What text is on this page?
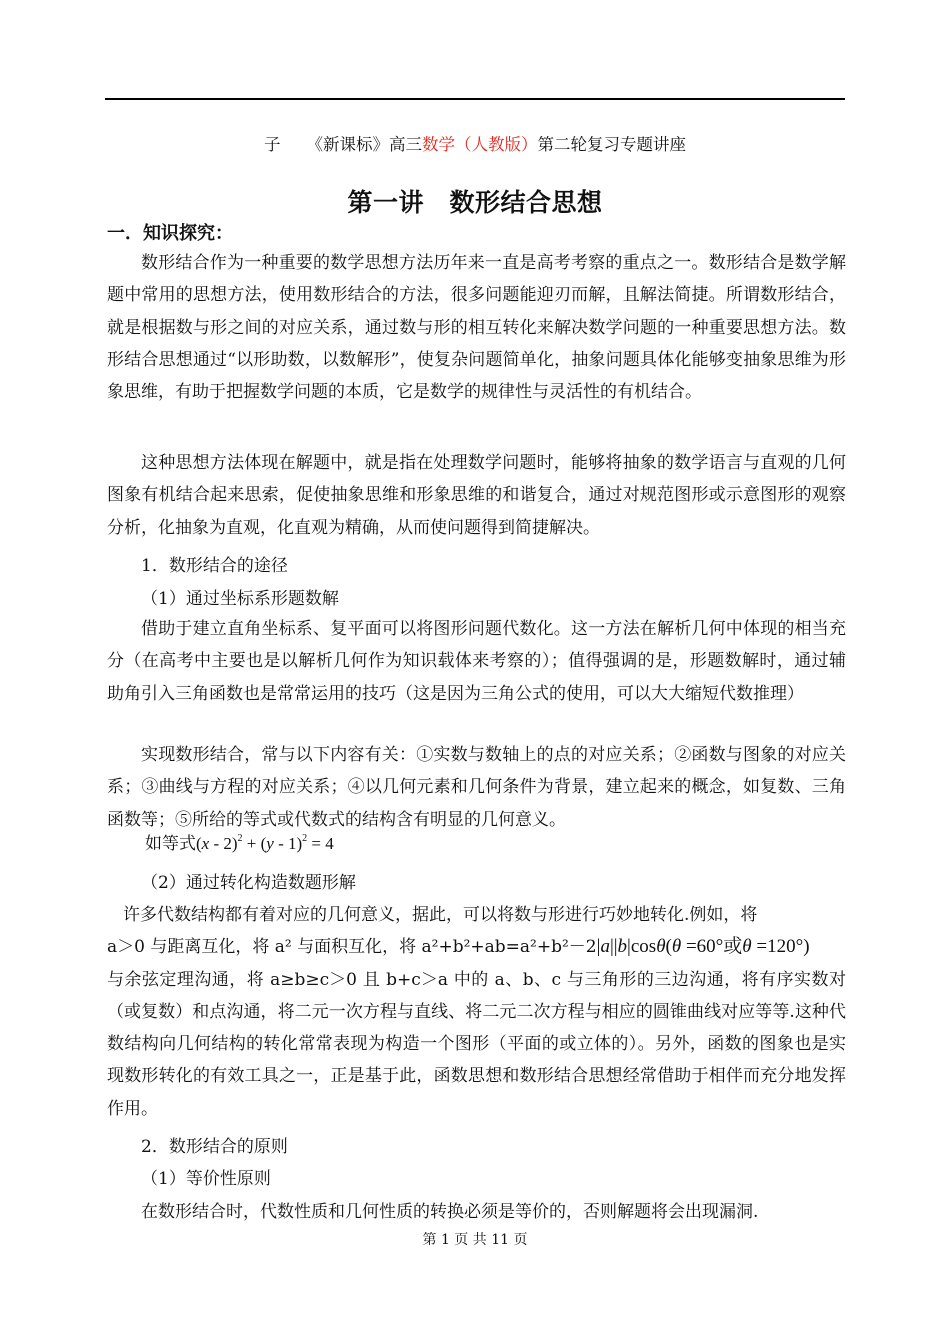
子 《新课标》高三数学（人教版）第二轮复习专题讲座
第一讲　数形结合思想
一．知识探究：

数形结合作为一种重要的数学思想方法历年来一直是高考考察的重点之一。数形结合是数学解题中常用的思想方法，使用数形结合的方法，很多问题能迎刃而解，且解法简捷。所谓数形结合，就是根据数与形之间的对应关系，通过数与形的相互转化来解决数学问题的一种重要思想方法。数形结合思想通过“以形助数，以数解形”，使复杂问题简单化，抽象问题具体化能够变抽象思维为形象思维，有助于把握数学问题的本质，它是数学的规律性与灵活性的有机结合。

这种思想方法体现在解题中，就是指在处理数学问题时，能够将抽象的数学语言与直观的几何图象有机结合起来思索，促使抽象思维和形象思维的和谐复合，通过对规范图形或示意图形的观察分析，化抽象为直观，化直观为精确，从而使问题得到简捷解决。

1．数形结合的途径
（1）通过坐标系形题数解

借助于建立直角坐标系、复平面可以将图形问题代数化。这一方法在解析几何中体现的相当充分（在高考中主要也是以解析几何作为知识载体来考察的）；值得强调的是，形题数解时，通过辅助角引入三角函数也是常常运用的技巧（这是因为三角公式的使用，可以大大缩短代数推理）

实现数形结合，常与以下内容有关：①实数与数轴上的点的对应关系；②函数与图象的对应关系；③曲线与方程的对应关系；④以几何元素和几何条件为背景，建立起来的概念，如复数、三角函数等；⑤所给的等式或代数式的结构含有明显的几何意义。

如等式(x - 2)$^2$ + (y - 1)$^2$ = 4
（2）通过转化构造数题形解

许多代数结构都有着对应的几何意义，据此，可以将数与形进行巧妙地转化.例如，将

a＞0 与距离互化，将 a² 与面积互化，将 a²+b²+ab=a²+b²－2|a||b|cosθ(θ =60°或θ =120°)
与余弦定理沟通，将 a≥b≥c＞0 且 b+c＞a 中的 a、b、c 与三角形的三边沟通，将有序实数对（或复数）和点沟通，将二元一次方程与直线、将二元二次方程与相应的圆锥曲线对应等等.这种代数结构向几何结构的转化常常表现为构造一个图形（平面的或立体的）。另外，函数的图象也是实现数形转化的有效工具之一，正是基于此，函数思想和数形结合思想经常借助于相伴而充分地发挥作用。
2．数形结合的原则
（1）等价性原则

在数形结合时，代数性质和几何性质的转换必须是等价的，否则解题将会出现漏洞.

第 1 页 共 11 页
